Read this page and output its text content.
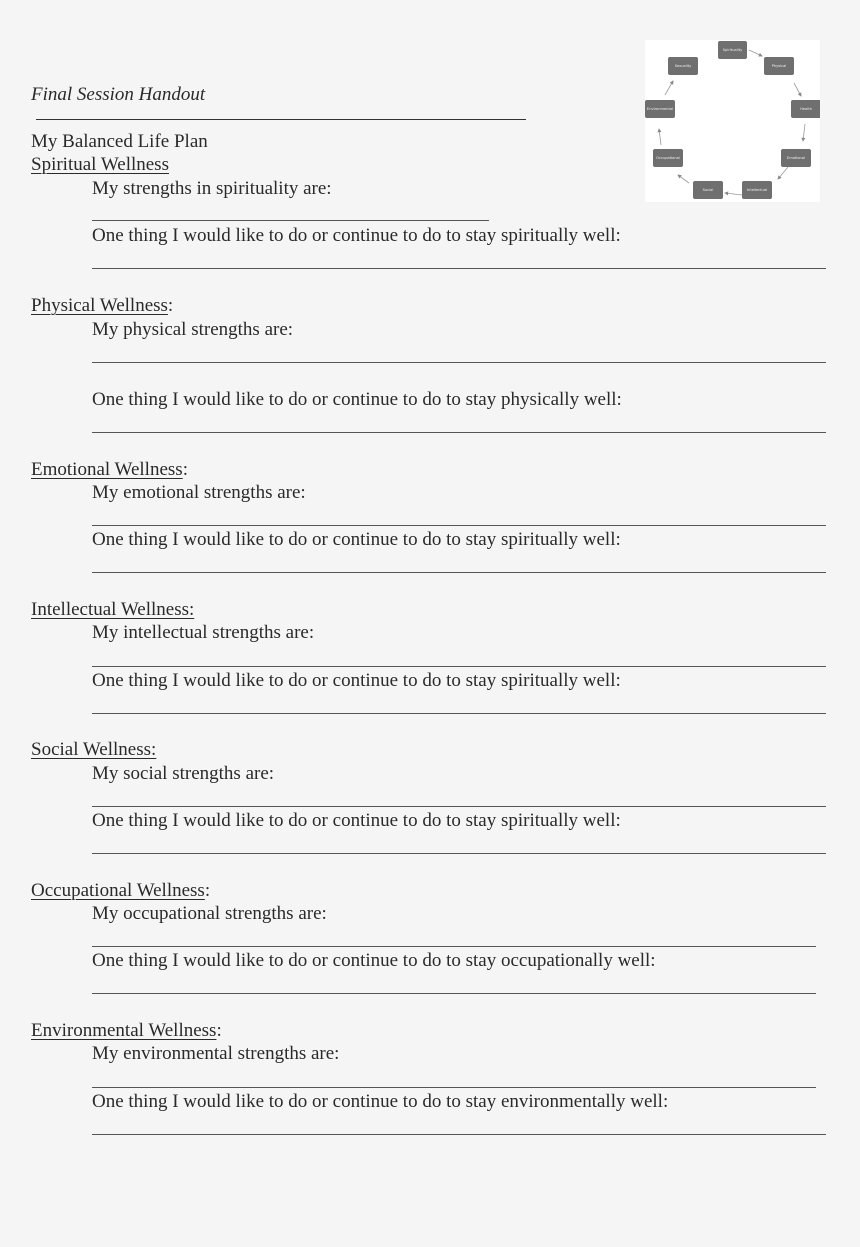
Final Session Handout
My Balanced Life Plan
Spirituality
Physical
Health
Emotional
Intellectual
Social
Occupational
Environmental
Sexuality
Spiritual Wellness
My strengths in spirituality are:
One thing I would like to do or continue to do to stay spiritually well:
Physical Wellness:
My physical strengths are:
One thing I would like to do or continue to do to stay physically well:
Emotional Wellness:
My emotional strengths are:
One thing I would like to do or continue to do to stay spiritually well:
Intellectual Wellness:
My intellectual strengths are:
One thing I would like to do or continue to do to stay spiritually well:
Social Wellness:
My social strengths are:
One thing I would like to do or continue to do to stay spiritually well:
Occupational Wellness:
My occupational strengths are:
One thing I would like to do or continue to do to stay occupationally well:
Environmental Wellness:
My environmental strengths are:
One thing I would like to do or continue to do to stay environmentally well:
